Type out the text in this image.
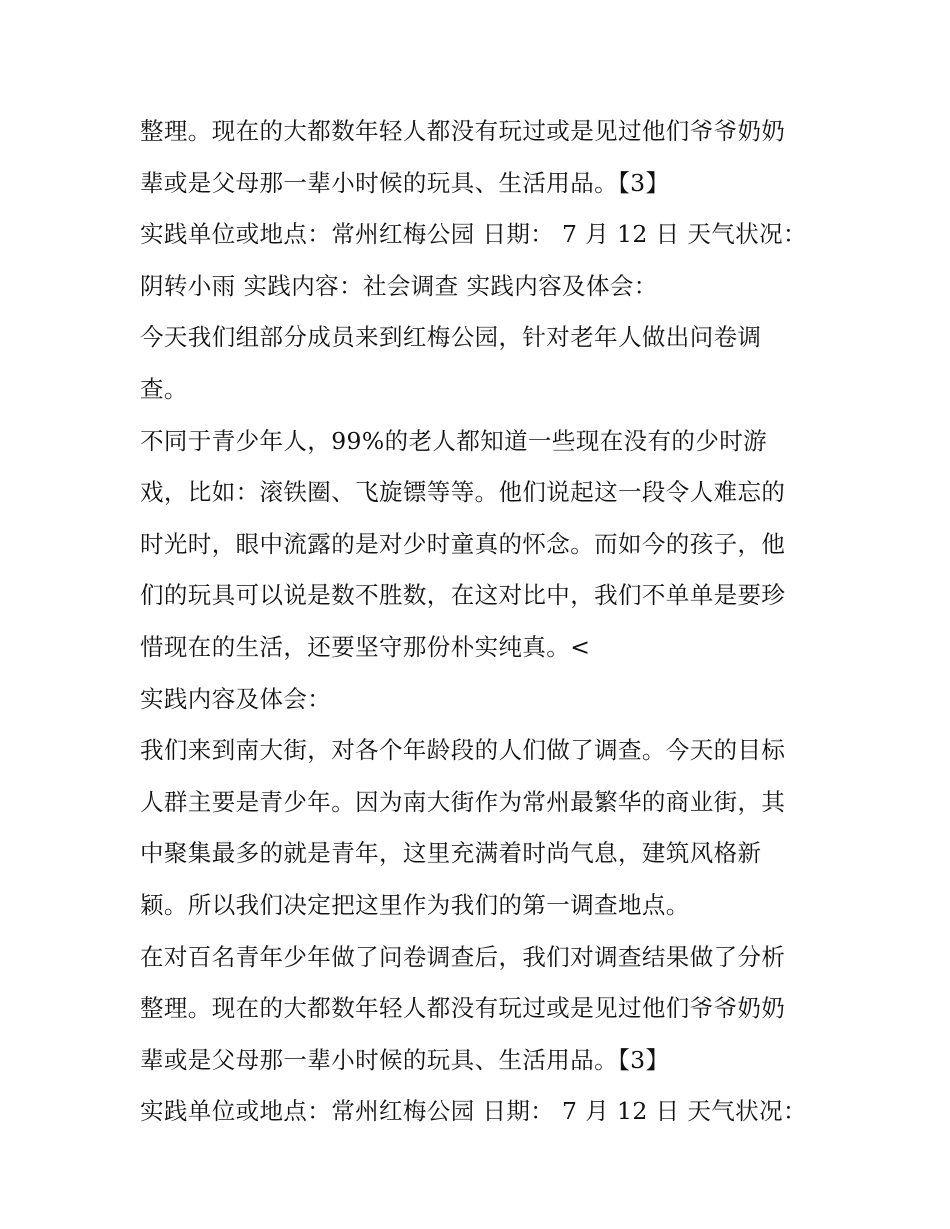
整理。现在的大都数年轻人都没有玩过或是见过他们爷爷奶奶
辈或是父母那一辈小时候的玩具、生活用品。【3】
实践单位或地点：常州红梅公园 日期： 7 月 12 日 天气状况：
阴转小雨 实践内容：社会调查 实践内容及体会：
今天我们组部分成员来到红梅公园，针对老年人做出问卷调
查。
不同于青少年人，99%的老人都知道一些现在没有的少时游
戏，比如：滚铁圈、飞旋镖等等。他们说起这一段令人难忘的
时光时，眼中流露的是对少时童真的怀念。而如今的孩子，他
们的玩具可以说是数不胜数，在这对比中，我们不单单是要珍
惜现在的生活，还要坚守那份朴实纯真。<
实践内容及体会：
我们来到南大街，对各个年龄段的人们做了调查。今天的目标
人群主要是青少年。因为南大街作为常州最繁华的商业街，其
中聚集最多的就是青年，这里充满着时尚气息，建筑风格新
颖。所以我们决定把这里作为我们的第一调查地点。
在对百名青年少年做了问卷调查后，我们对调查结果做了分析
整理。现在的大都数年轻人都没有玩过或是见过他们爷爷奶奶
辈或是父母那一辈小时候的玩具、生活用品。【3】
实践单位或地点：常州红梅公园 日期： 7 月 12 日 天气状况：
